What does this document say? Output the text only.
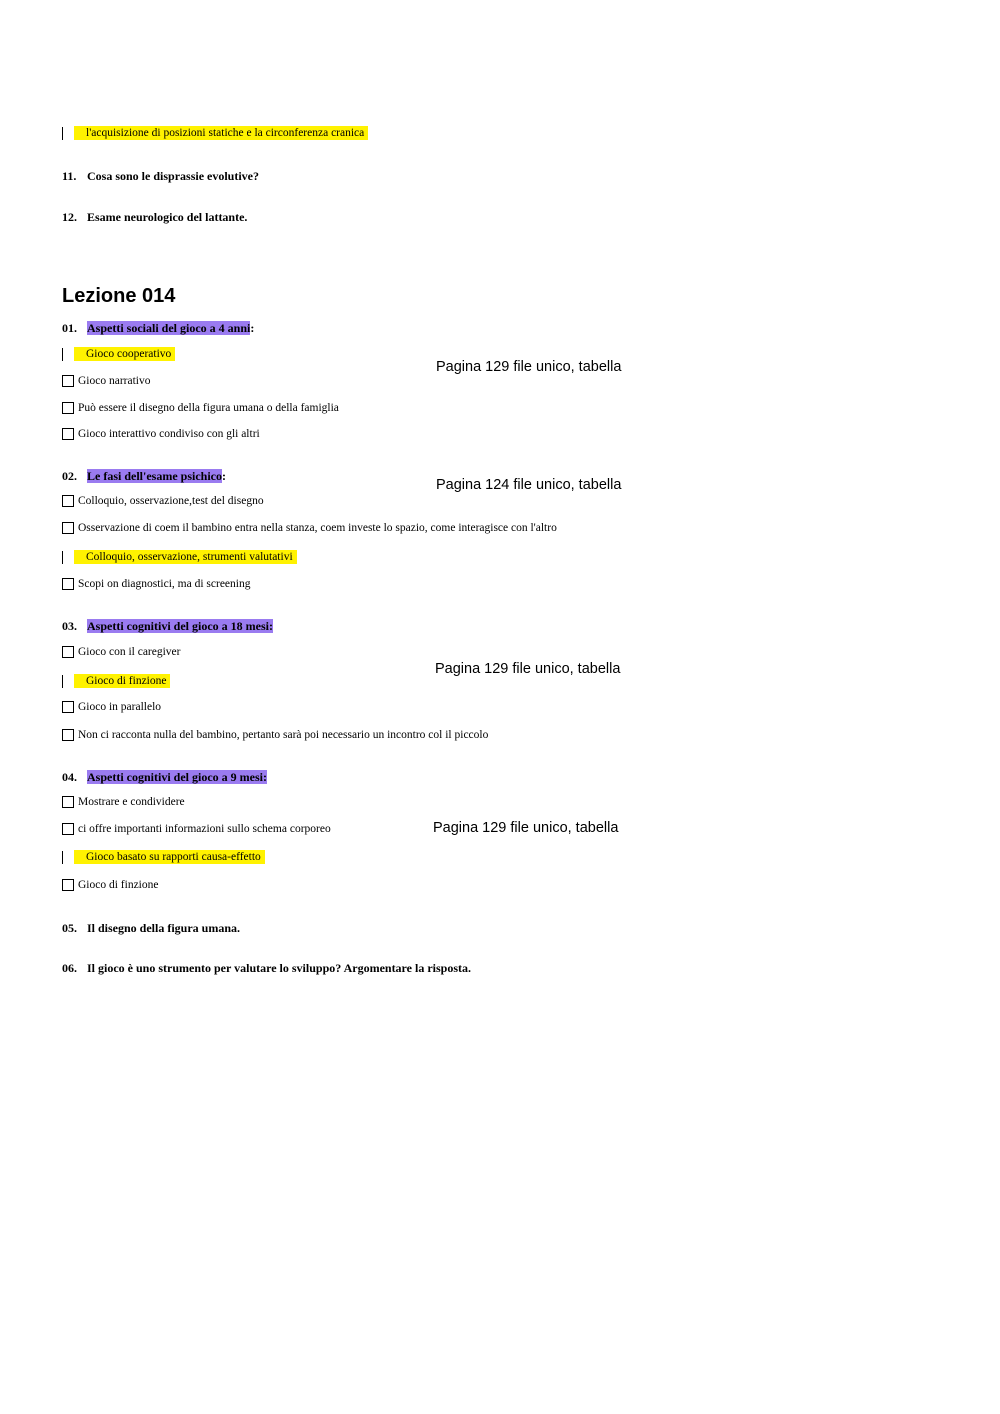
l'acquisizione di posizioni statiche e la circonferenza cranica
11. Cosa sono le disprassie evolutive?
12. Esame neurologico del lattante.
Lezione 014
01. Aspetti sociali del gioco a 4 anni:
Gioco cooperativo
Gioco narrativo
Può essere il disegno della figura umana o della famiglia
Gioco interattivo condiviso con gli altri
Pagina 129 file unico, tabella
02. Le fasi dell'esame psichico:
Colloquio, osservazione,test del disegno
Osservazione di coem il bambino entra nella stanza, coem investe lo spazio, come interagisce con l'altro
Colloquio, osservazione, strumenti valutativi
Scopi on diagnostici, ma di screening
Pagina 124 file unico, tabella
03. Aspetti cognitivi del gioco a 18 mesi:
Gioco con il caregiver
Gioco di finzione
Gioco in parallelo
Non ci racconta nulla del bambino, pertanto sarà poi necessario un incontro col il piccolo
Pagina 129 file unico, tabella
04. Aspetti cognitivi del gioco a 9 mesi:
Mostrare e condividere
ci offre importanti informazioni sullo schema corporeo
Gioco basato su rapporti causa-effetto
Gioco di finzione
Pagina 129 file unico, tabella
05. Il disegno della figura umana.
06. Il gioco è uno strumento per valutare lo sviluppo? Argomentare la risposta.
